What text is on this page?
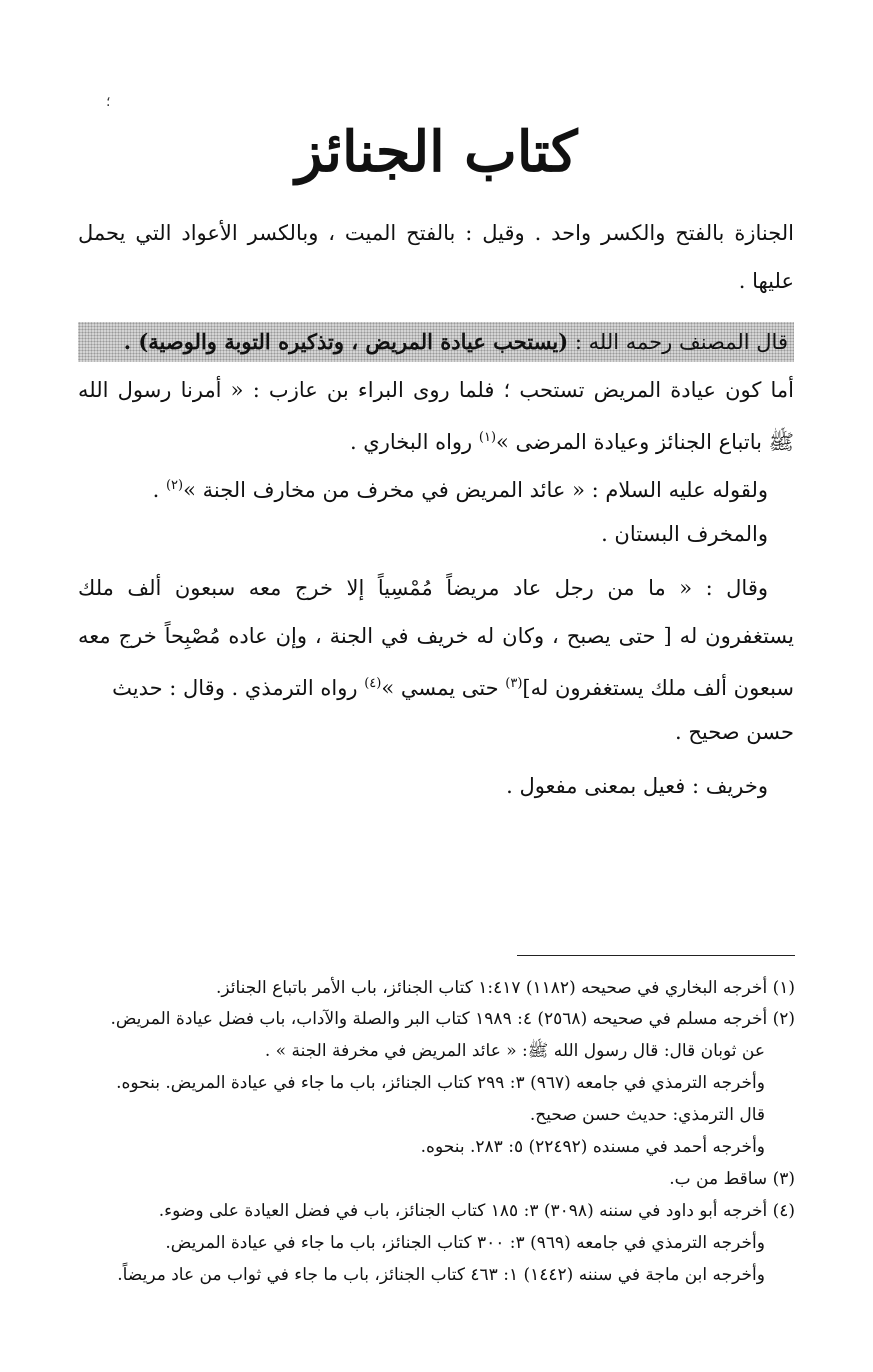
؛
كتاب الجنائز
الجنازة بالفتح والكسر واحد . وقيل : بالفتح الميت ، وبالكسر الأعواد التي يحمل
عليها .
قال المصنف رحمه الله : (يستحب عيادة المريض ، وتذكيره التوبة والوصية) .
أما كون عيادة المريض تستحب ؛ فلما روى البراء بن عازب : « أمرنا رسول الله
ﷺ باتباع الجنائز وعيادة المرضى »$^{(١)}$ رواه البخاري .
ولقوله عليه السلام : « عائد المريض في مخرف من مخارف الجنة »$^{(٢)}$ .
والمخرف البستان .
وقال : « ما من رجل عاد مريضاً مُمْسِياً إلا خرج معه سبعون ألف ملك
يستغفرون له [ حتى يصبح ، وكان له خريف في الجنة ، وإن عاده مُصْبِحاً خرج معه
سبعون ألف ملك يستغفرون له]$^{(٣)}$ حتى يمسي »$^{(٤)}$ رواه الترمذي . وقال : حديث
حسن صحيح .
وخريف : فعيل بمعنى مفعول .
(١) أخرجه البخاري في صحيحه (١١٨٢) ١:٤١٧ كتاب الجنائز، باب الأمر باتباع الجنائز.
(٢) أخرجه مسلم في صحيحه (٢٥٦٨) ٤: ١٩٨٩ كتاب البر والصلة والآداب، باب فضل عيادة المريض.
عن ثوبان قال: قال رسول الله ﷺ: « عائد المريض في مخرفة الجنة » .
وأخرجه الترمذي في جامعه (٩٦٧) ٣: ٢٩٩ كتاب الجنائز، باب ما جاء في عيادة المريض. بنحوه.
قال الترمذي: حديث حسن صحيح.
وأخرجه أحمد في مسنده (٢٢٤٩٢) ٥: ٢٨٣. بنحوه.
(٣) ساقط من ب.
(٤) أخرجه أبو داود في سننه (٣٠٩٨) ٣: ١٨٥ كتاب الجنائز، باب في فضل العيادة على وضوء.
وأخرجه الترمذي في جامعه (٩٦٩) ٣: ٣٠٠ كتاب الجنائز، باب ما جاء في عيادة المريض.
وأخرجه ابن ماجة في سننه (١٤٤٢) ١: ٤٦٣ كتاب الجنائز، باب ما جاء في ثواب من عاد مريضاً.
